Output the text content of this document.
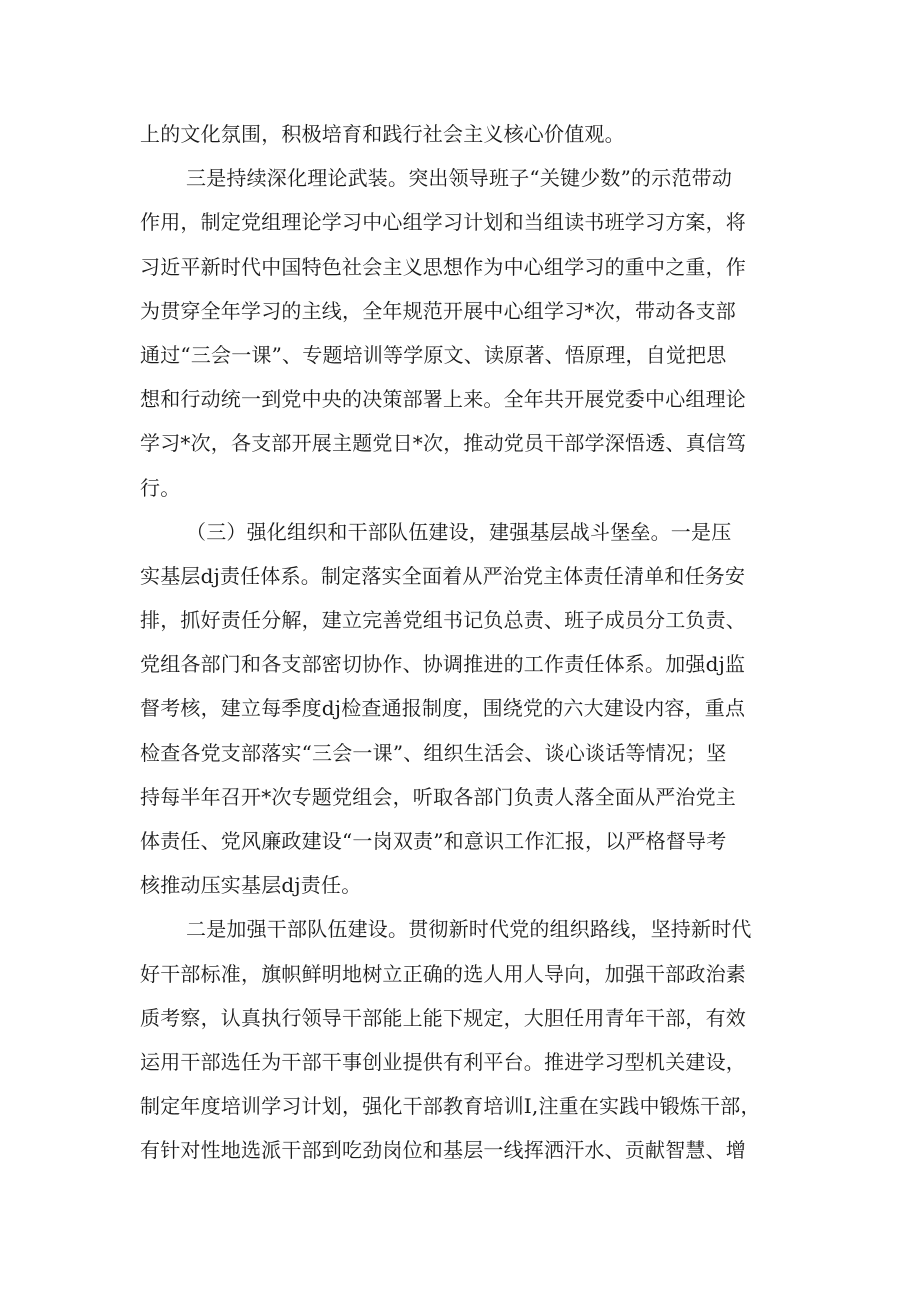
上的文化氛围，积极培育和践行社会主义核心价值观。
三是持续深化理论武装。突出领导班子“关键少数”的示范带动
作用，制定党组理论学习中心组学习计划和当组读书班学习方案，将
习近平新时代中国特色社会主义思想作为中心组学习的重中之重，作
为贯穿全年学习的主线，全年规范开展中心组学习*次，带动各支部
通过“三会一课”、专题培训等学原文、读原著、悟原理，自觉把思
想和行动统一到党中央的决策部署上来。全年共开展党委中心组理论
学习*次，各支部开展主题党日*次，推动党员干部学深悟透、真信笃
行。
（三）强化组织和干部队伍建设，建强基层战斗堡垒。一是压
实基层dj责任体系。制定落实全面着从严治党主体责任清单和任务安
排，抓好责任分解，建立完善党组书记负总责、班子成员分工负责、
党组各部门和各支部密切协作、协调推进的工作责任体系。加强dj监
督考核，建立每季度dj检查通报制度，围绕党的六大建设内容，重点
检查各党支部落实“三会一课”、组织生活会、谈心谈话等情况；坚
持每半年召开*次专题党组会，听取各部门负责人落全面从严治党主
体责任、党风廉政建设“一岗双责”和意识工作汇报，以严格督导考
核推动压实基层dj责任。
二是加强干部队伍建设。贯彻新时代党的组织路线，坚持新时代
好干部标准，旗帜鲜明地树立正确的选人用人导向，加强干部政治素
质考察，认真执行领导干部能上能下规定，大胆任用青年干部，有效
运用干部选任为干部干事创业提供有利平台。推进学习型机关建设，
制定年度培训学习计划，强化干部教育培训I,注重在实践中锻炼干部，
有针对性地选派干部到吃劲岗位和基层一线挥洒汗水、贡献智慧、增
